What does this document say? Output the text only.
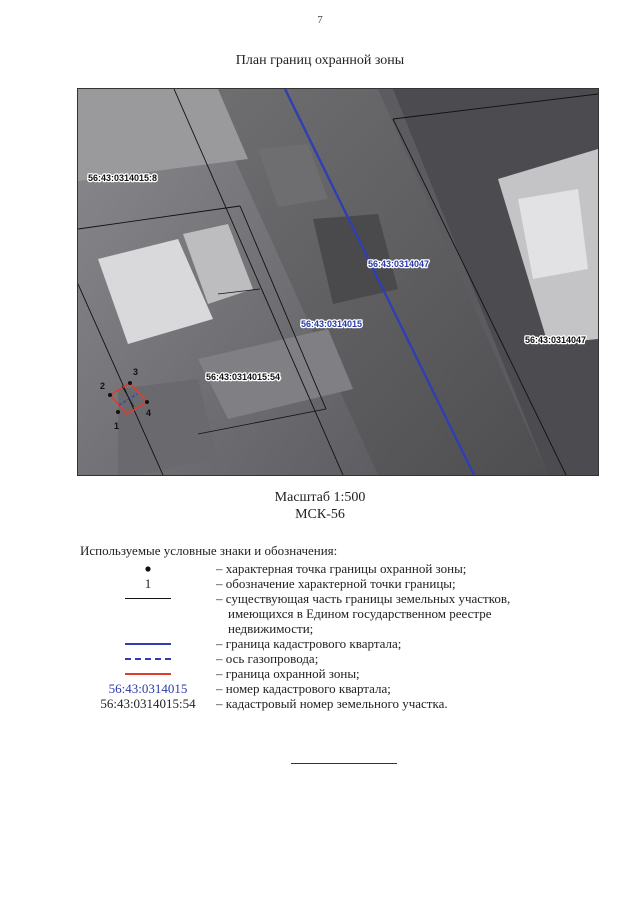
7
План границ охранной зоны
1
2
3
4
56:43:0314015:8
56:43:0314047
56:43:0314015
56:43:0314047
56:43:0314015:54
Масштаб 1:500
МСК-56
Используемые условные знаки и обозначения:
– характерная точка границы охранной зоны;
1	– обозначение характерной точки границы;
– существующая часть границы земельных участков,
имеющихся в Едином государственном реестре
недвижимости;
– граница кадастрового квартала;
– ось газопровода;
– граница охранной зоны;
56:43:0314015	– номер кадастрового квартала;
56:43:0314015:54	– кадастровый номер земельного участка.
